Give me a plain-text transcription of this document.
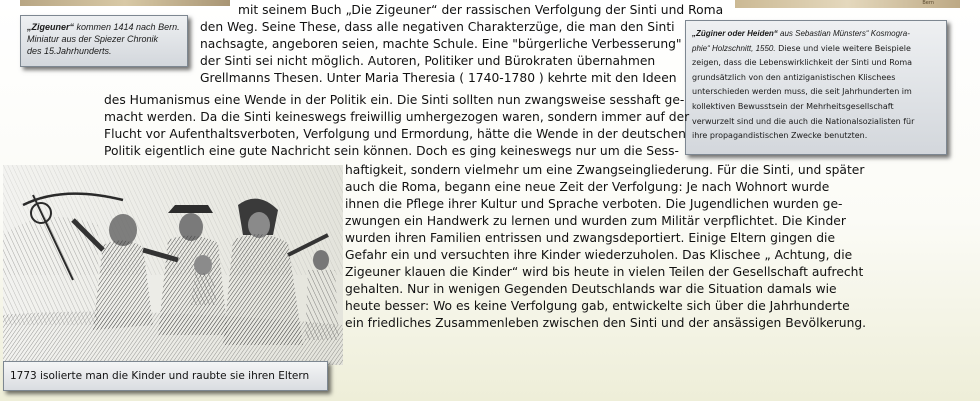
Bern
„Zigeuner“ kommen 1414 nach Bern.
Miniatur aus der Spiezer Chronik
des 15.Jahrhunderts.
„Züginer oder Heiden“ aus Sebastian Münsters“ Kosmogra-
phie“ Holzschnitt, 1550. Diese und viele weitere Beispiele
zeigen, dass die Lebenswirklichkeit der Sinti und Roma
grundsätzlich von den antiziganistischen Klischees
unterschieden werden muss, die seit Jahrhunderten im
kollektiven Bewusstsein der Mehrheitsgesellschaft
verwurzelt sind und die auch die Nationalsozialisten für
ihre propagandistischen Zwecke benutzten.
mit seinem Buch „Die Zigeuner“ der rassischen Verfolgung der Sinti und Roma
den Weg. Seine These, dass alle negativen Charakterzüge, die man den Sinti
nachsagte, angeboren seien, machte Schule. Eine "bürgerliche Verbesserung"
der Sinti sei nicht möglich. Autoren, Politiker und Bürokraten übernahmen
Grellmanns Thesen. Unter Maria Theresia ( 1740-1780 ) kehrte mit den Ideen
des Humanismus eine Wende in der Politik ein. Die Sinti sollten nun zwangsweise sesshaft ge-
macht werden. Da die Sinti keineswegs freiwillig umhergezogen waren, sondern immer auf der
Flucht vor Aufenthaltsverboten, Verfolgung und Ermordung, hätte die Wende in der deutschen
Politik eigentlich eine gute Nachricht sein können. Doch es ging keineswegs nur um die Sess-
haftigkeit, sondern vielmehr um eine Zwangseingliederung. Für die Sinti, und später
auch die Roma, begann eine neue Zeit der Verfolgung: Je nach Wohnort wurde
ihnen die Pflege ihrer Kultur und Sprache verboten. Die Jugendlichen wurden ge-
zwungen ein Handwerk zu lernen und wurden zum Militär verpflichtet. Die Kinder
wurden ihren Familien entrissen und zwangsdeportiert. Einige Eltern gingen die
Gefahr ein und versuchten ihre Kinder wiederzuholen. Das Klischee „ Achtung, die
Zigeuner klauen die Kinder“ wird bis heute in vielen Teilen der Gesellschaft aufrecht
gehalten. Nur in wenigen Gegenden Deutschlands war die Situation damals wie
heute besser: Wo es keine Verfolgung gab, entwickelte sich über die Jahrhunderte
ein friedliches Zusammenleben zwischen den Sinti und der ansässigen Bevölkerung.
1773 isolierte man die Kinder und raubte sie ihren Eltern
